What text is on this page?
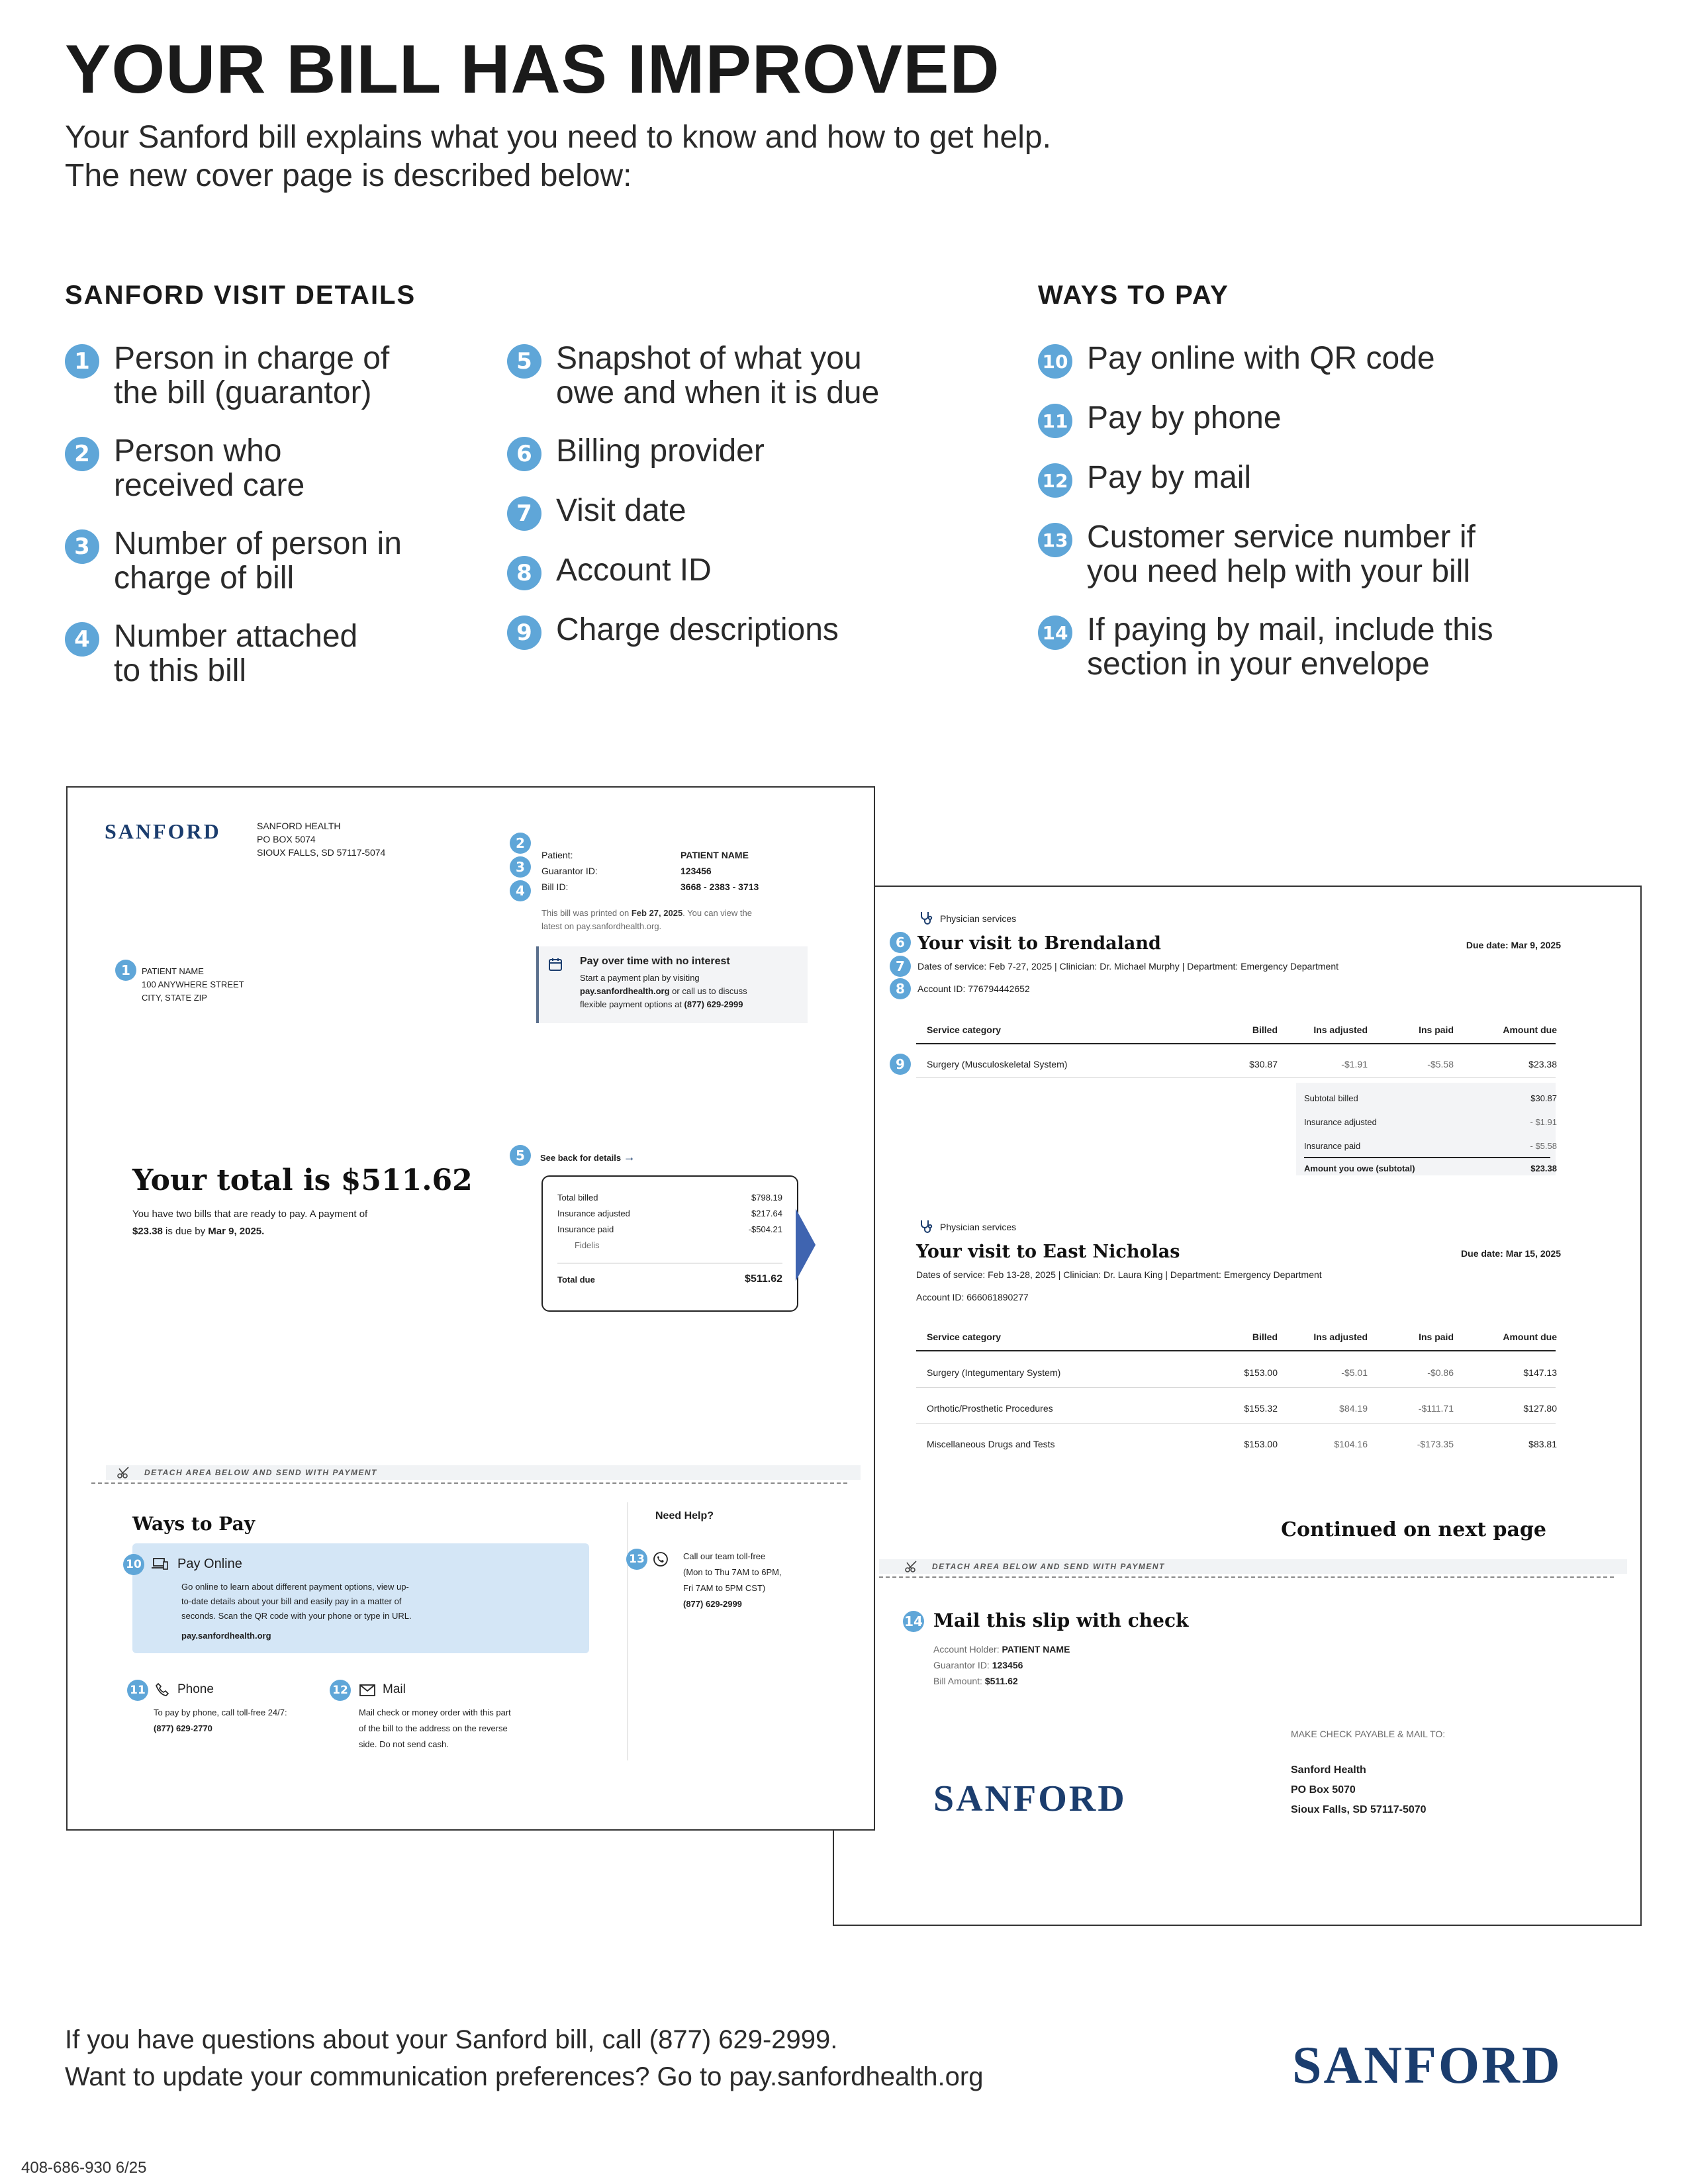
YOUR BILL HAS IMPROVED
Your Sanford bill explains what you need to know and how to get help.
The new cover page is described below:
SANFORD VISIT DETAILS	WAYS TO PAY
1 Person in charge of
the bill (guarantor)
2 Person who
received care
3 Number of person in
charge of bill
4 Number attached
to this bill
5 Snapshot of what you
owe and when it is due
6 Billing provider
7 Visit date
8 Account ID
9 Charge descriptions
10 Pay online with QR code
11 Pay by phone
12 Pay by mail
13 Customer service number if
you need help with your bill
14 If paying by mail, include this
section in your envelope
Physician services
6 Your visit to Brendaland	Due date: Mar 9, 2025
7	Dates of service: Feb 7-27, 2025 | Clinician: Dr. Michael Murphy | Department: Emergency Department
8	Account ID: 776794442652
Service category	Billed	Ins adjusted	Ins paid	Amount due
9	Surgery (Musculoskeletal System)	$30.87	-$1.91	-$5.58	$23.38
Subtotal billed	$30.87
Insurance adjusted	- $1.91
Insurance paid	- $5.58
Amount you owe (subtotal)	$23.38
Physician services
Your visit to East Nicholas	Due date: Mar 15, 2025
Dates of service: Feb 13-28, 2025 | Clinician: Dr. Laura King | Department: Emergency Department
Account ID: 666061890277
Service category	Billed	Ins adjusted	Ins paid	Amount due
Surgery (Integumentary System)	$153.00	-$5.01	-$0.86	$147.13
Orthotic/Prosthetic Procedures	$155.32	$84.19	-$111.71	$127.80
Miscellaneous Drugs and Tests	$153.00	$104.16	-$173.35	$83.81
Continued on next page
DETACH AREA BELOW AND SEND WITH PAYMENT
14 Mail this slip with check
Account Holder: PATIENT NAME
Guarantor ID: 123456
Bill Amount: $511.62
MAKE CHECK PAYABLE & MAIL TO:
Sanford Health
PO Box 5070
Sioux Falls, SD 57117-5070
SANFORD
SANFORD	SANFORD HEALTH
PO BOX 5074
SIOUX FALLS, SD 57117-5074
2
3
4
Patient:	PATIENT NAME
Guarantor ID:	123456
Bill ID:	3668 - 2383 - 3713
This bill was printed on Feb 27, 2025. You can view the
latest on pay.sanfordhealth.org.
Pay over time with no interest
Start a payment plan by visiting
pay.sanfordhealth.org or call us to discuss
flexible payment options at (877) 629-2999
1	PATIENT NAME
100 ANYWHERE STREET
CITY, STATE ZIP
5	See back for details →
Your total is $511.62
You have two bills that are ready to pay. A payment of
$23.38 is due by Mar 9, 2025.
Total billed	$798.19
Insurance adjusted	$217.64
Insurance paid	-$504.21
Fidelis
Total due	$511.62
DETACH AREA BELOW AND SEND WITH PAYMENT
Ways to Pay
10	Pay Online
Go online to learn about different payment options, view up-
to-date details about your bill and easily pay in a matter of
seconds. Scan the QR code with your phone or type in URL.
pay.sanfordhealth.org
11	Phone
To pay by phone, call toll-free 24/7:
(877) 629-2770
12	Mail
Mail check or money order with this part
of the bill to the address on the reverse
side. Do not send cash.
Need Help?
13	Call our team toll-free
(Mon to Thu 7AM to 6PM,
Fri 7AM to 5PM CST)
(877) 629-2999
If you have questions about your Sanford bill, call (877) 629-2999.
Want to update your communication preferences? Go to pay.sanfordhealth.org	SANFORD
408-686-930 6/25
